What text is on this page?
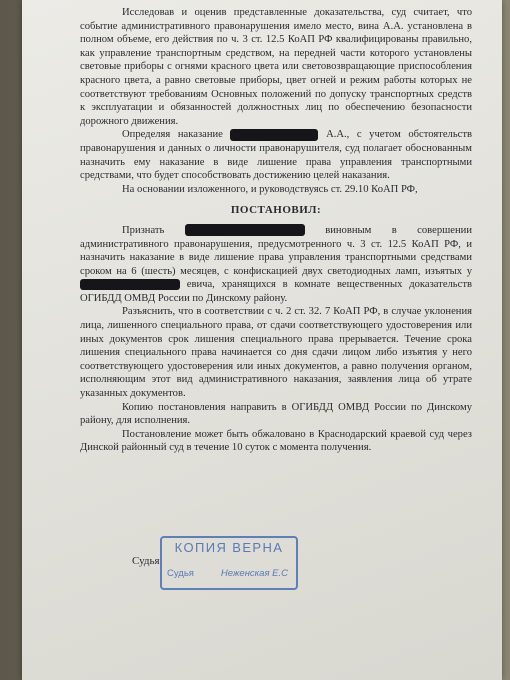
Исследовав и оценив представленные доказательства, суд считает, что событие административного правонарушения имело место, вина А.А. установлена в полном объеме, его действия по ч. 3 ст. 12.5 КоАП РФ квалифицированы правильно, как управление транспортным средством, на передней части которого установлены световые приборы с огнями красного цвета или световозвращающие приспособления красного цвета, а равно световые приборы, цвет огней и режим работы которых не соответствуют требованиям Основных положений по допуску транспортных средств к эксплуатации и обязанностей должностных лиц по обеспечению безопасности дорожного движения.

Определяя наказание	А.А., с учетом обстоятельств правонарушения и данных о личности правонарушителя, суд полагает обоснованным назначить ему наказание в виде лишение права управления транспортными средствами, что будет способствовать достижению целей наказания.

На основании изложенного, и руководствуясь ст. 29.10 КоАП РФ,

ПОСТАНОВИЛ:

Признать	виновным в совершении административного правонарушения, предусмотренного ч. 3 ст. 12.5 КоАП РФ, и назначить наказание в виде лишение права управления транспортными средствами сроком на 6 (шесть) месяцев, с конфискацией двух светодиодных ламп, изъятых у  евича, хранящихся в комнате вещественных доказательств ОГИБДД ОМВД России по Динскому району.

Разъяснить, что в соответствии с ч. 2 ст. 32. 7 КоАП РФ, в случае уклонения лица, лишенного специального права, от сдачи соответствующего удостоверения или иных документов срок лишения специального права прерывается. Течение срока лишения специального права начинается со дня сдачи лицом либо изъятия у него соответствующего удостоверения или иных документов, а равно получения органом, исполняющим этот вид административного наказания, заявления лица об утрате указанных документов.

Копию постановления направить в ОГИБДД ОМВД России по Динскому району, для исполнения.

Постановление может быть обжаловано в Краснодарский краевой суд через Динской районный суд в течение 10 суток с момента получения.

Судья
КОПИЯ ВЕРНА
Судья	Неженская Е.С
